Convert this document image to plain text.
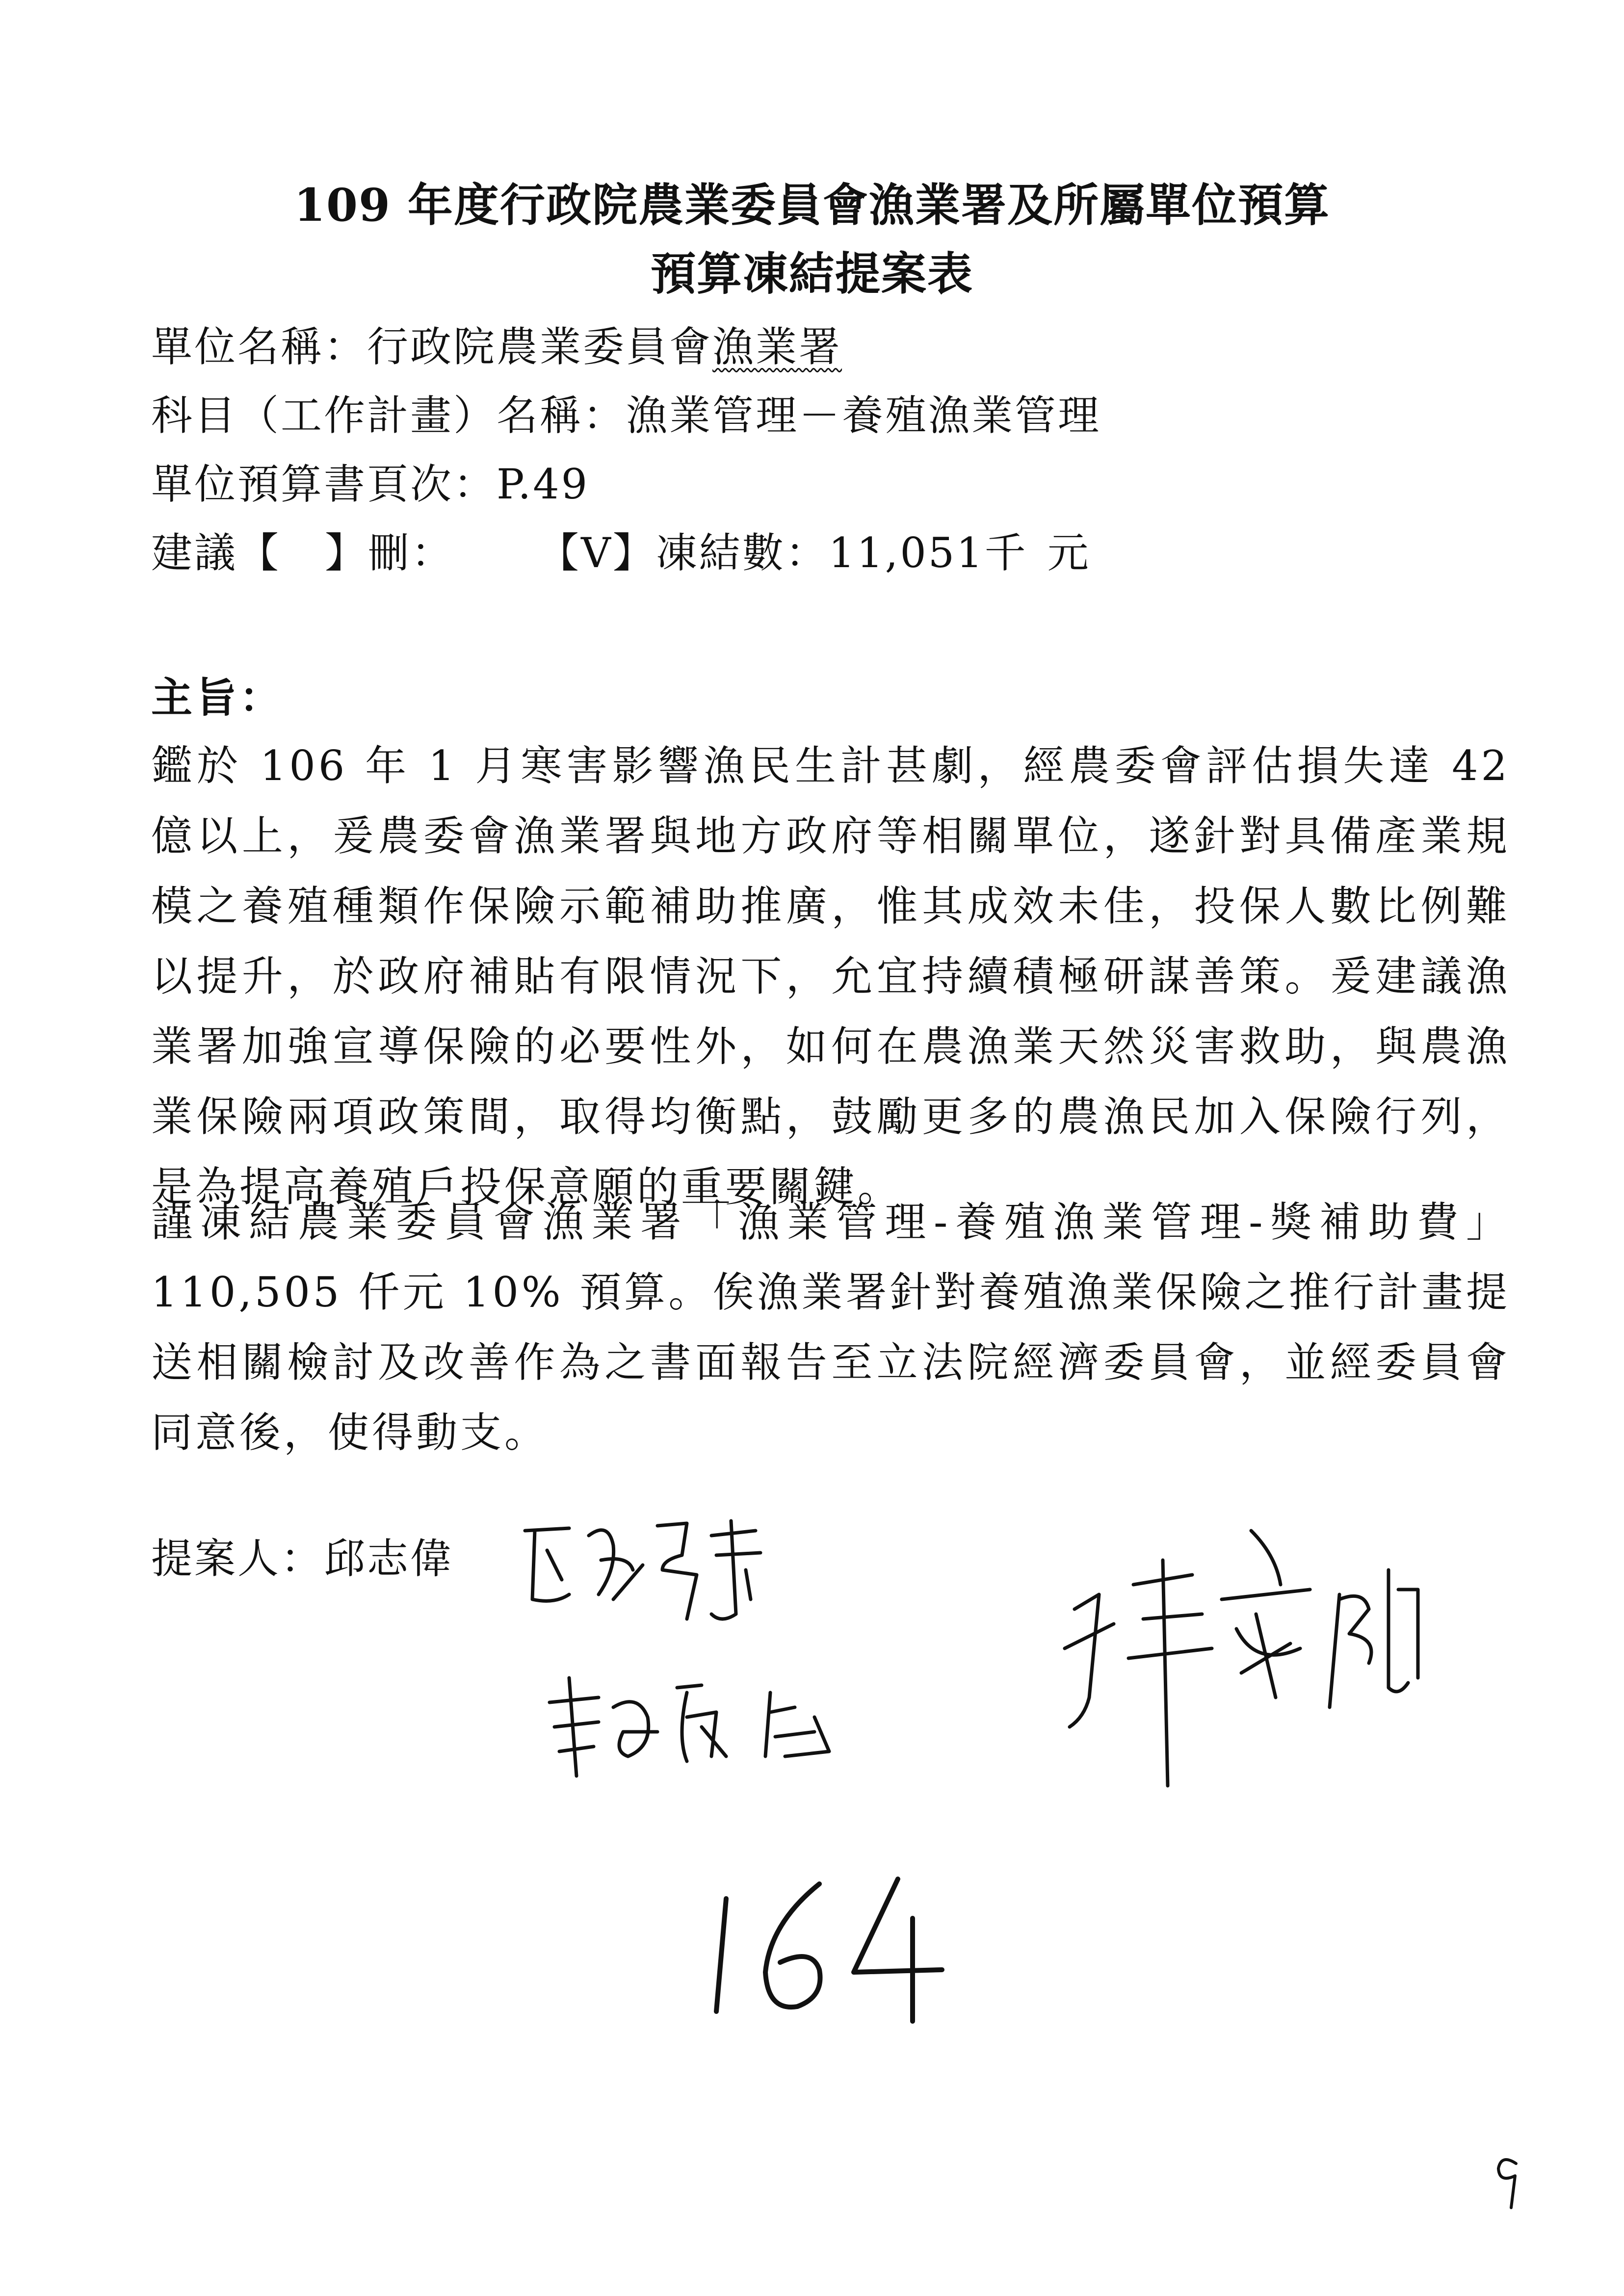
109 年度行政院農業委員會漁業署及所屬單位預算
預算凍結提案表
單位名稱：行政院農業委員會漁業署
科目（工作計畫）名稱：漁業管理－養殖漁業管理
單位預算書頁次：P.49
建議【 】刪： 【V】凍結數：11,051千 元
主旨：
鑑於 106 年 1 月寒害影響漁民生計甚劇，經農委會評估損失達 42 億以上，爰農委會漁業署與地方政府等相關單位，遂針對具備產業規模之養殖種類作保險示範補助推廣，惟其成效未佳，投保人數比例難以提升，於政府補貼有限情況下，允宜持續積極研謀善策。爰建議漁業署加強宣導保險的必要性外，如何在農漁業天然災害救助，與農漁業保險兩項政策間，取得均衡點，鼓勵更多的農漁民加入保險行列，是為提高養殖戶投保意願的重要關鍵。
謹凍結農業委員會漁業署「漁業管理-養殖漁業管理-獎補助費」110,505 仟元 10% 預算。俟漁業署針對養殖漁業保險之推行計畫提送相關檢討及改善作為之書面報告至立法院經濟委員會，並經委員會同意後，使得動支。
提案人：邱志偉
